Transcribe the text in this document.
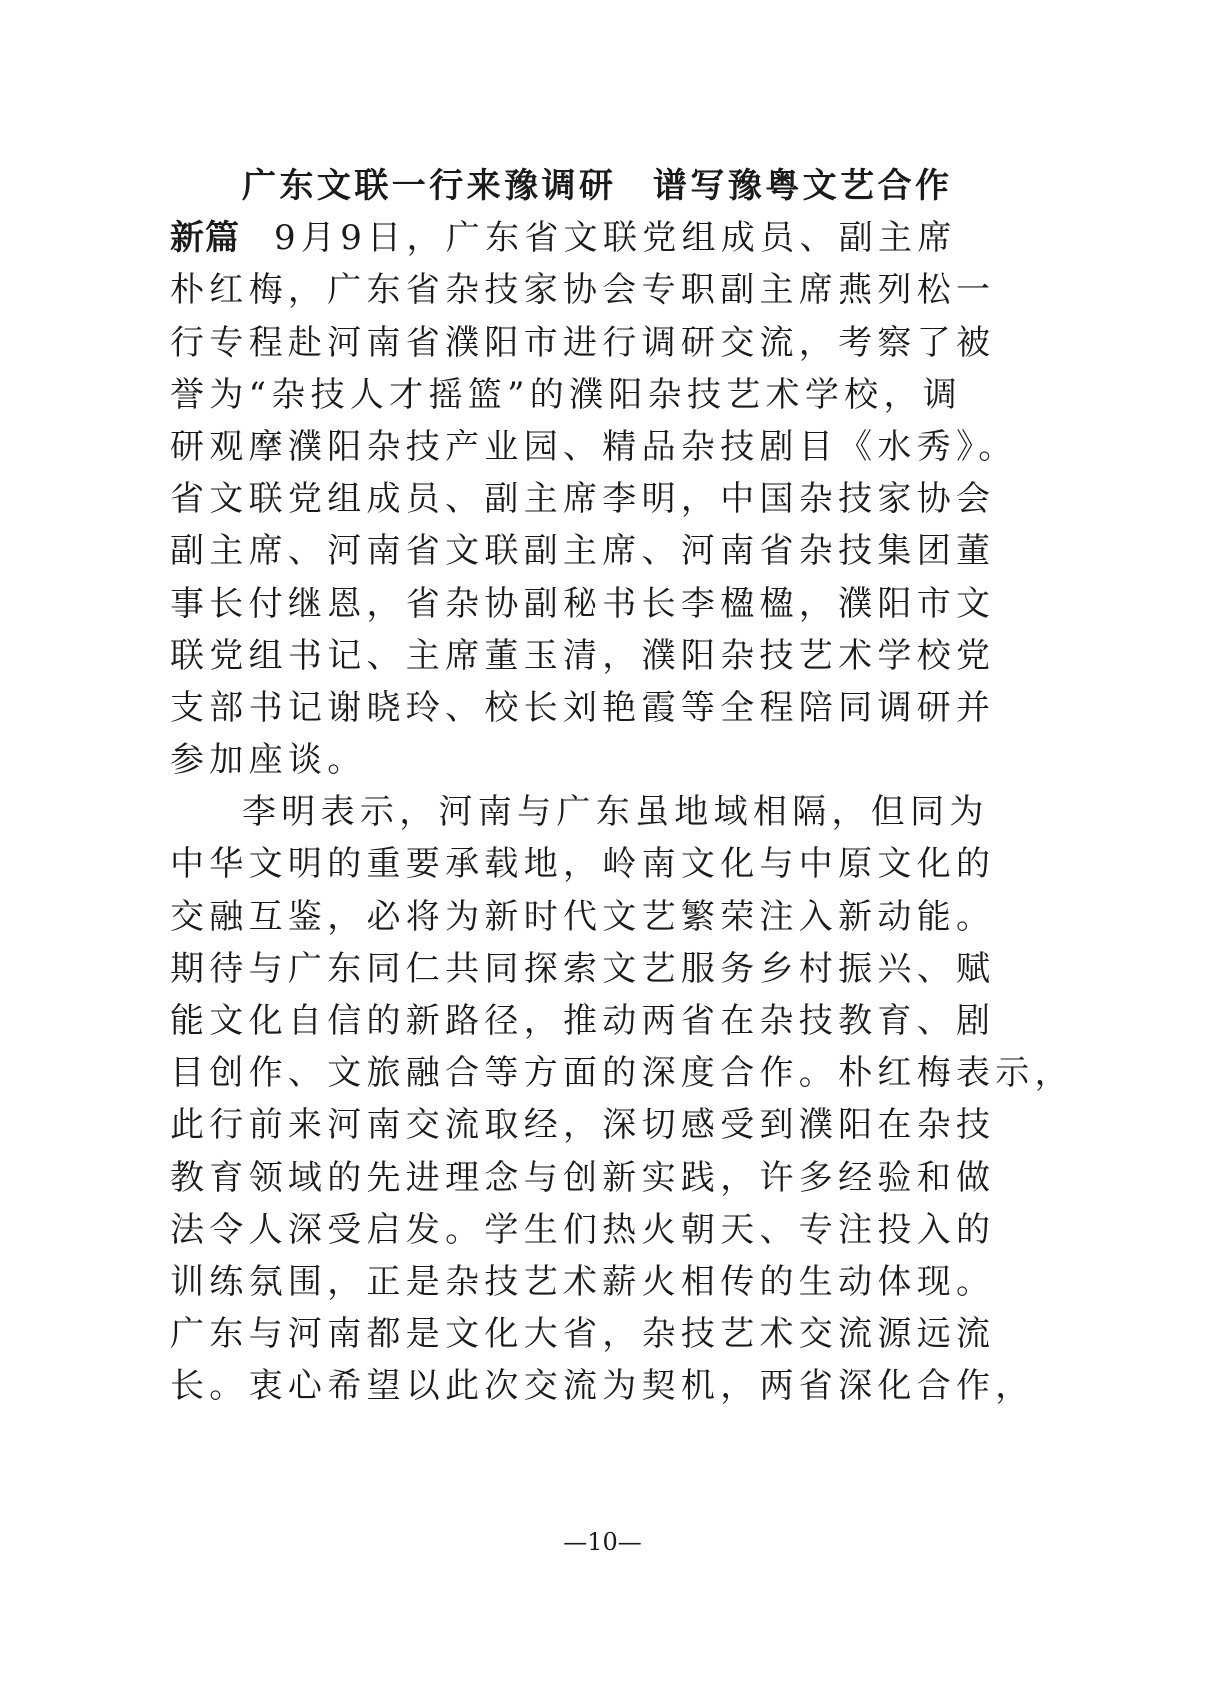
广东文联一行来豫调研 谱写豫粤文艺合作
新篇 9月9日，广东省文联党组成员、副主席
朴红梅，广东省杂技家协会专职副主席燕列松一
行专程赴河南省濮阳市进行调研交流，考察了被
誉为“杂技人才摇篮”的濮阳杂技艺术学校，调
研观摩濮阳杂技产业园、精品杂技剧目《水秀》。
省文联党组成员、副主席李明，中国杂技家协会
副主席、河南省文联副主席、河南省杂技集团董
事长付继恩，省杂协副秘书长李楹楹，濮阳市文
联党组书记、主席董玉清，濮阳杂技艺术学校党
支部书记谢晓玲、校长刘艳霞等全程陪同调研并
参加座谈。
李明表示，河南与广东虽地域相隔，但同为
中华文明的重要承载地，岭南文化与中原文化的
交融互鉴，必将为新时代文艺繁荣注入新动能。
期待与广东同仁共同探索文艺服务乡村振兴、赋
能文化自信的新路径，推动两省在杂技教育、剧
目创作、文旅融合等方面的深度合作。朴红梅表示，
此行前来河南交流取经，深切感受到濮阳在杂技
教育领域的先进理念与创新实践，许多经验和做
法令人深受启发。学生们热火朝天、专注投入的
训练氛围，正是杂技艺术薪火相传的生动体现。
广东与河南都是文化大省，杂技艺术交流源远流
长。衷心希望以此次交流为契机，两省深化合作，
—10—
